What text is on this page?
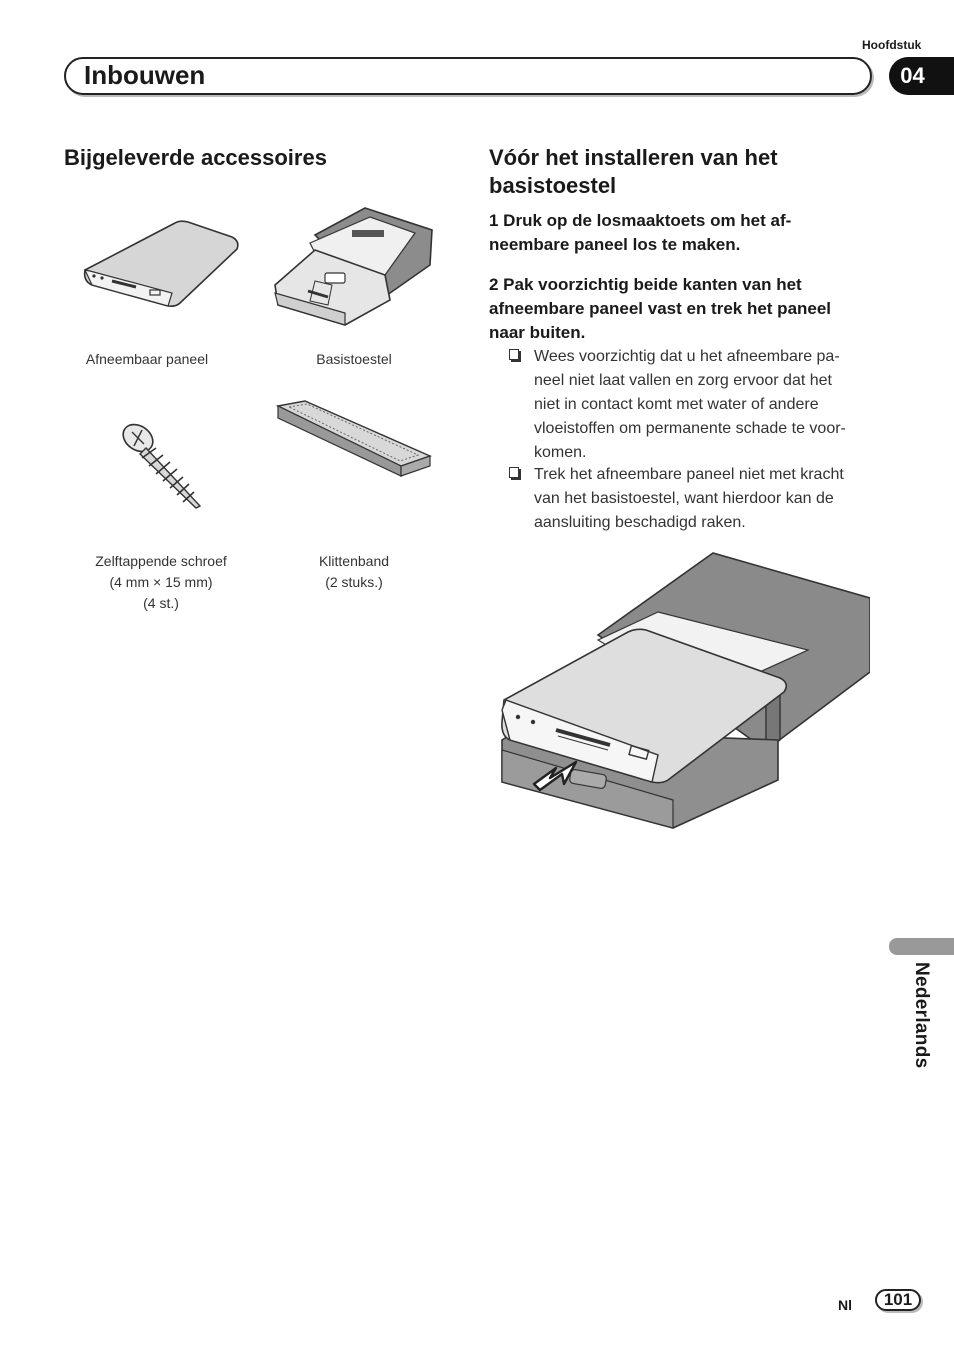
Hoofdstuk
Inbouwen	04
Bijgeleverde accessoires
Afneembaar paneel	Basistoestel
Zelftappende schroef
(4 mm × 15 mm)
(4 st.)
Klittenband
(2 stuks.)
Vóór het installeren van het
basistoestel
1 Druk op de losmaaktoets om het af-
neembare paneel los te maken.
2 Pak voorzichtig beide kanten van het
afneembare paneel vast en trek het paneel
naar buiten.
Wees voorzichtig dat u het afneembare pa-
neel niet laat vallen en zorg ervoor dat het
niet in contact komt met water of andere
vloeistoffen om permanente schade te voor-
komen.
Trek het afneembare paneel niet met kracht
van het basistoestel, want hierdoor kan de
aansluiting beschadigd raken.
Nederlands
Nl	101
